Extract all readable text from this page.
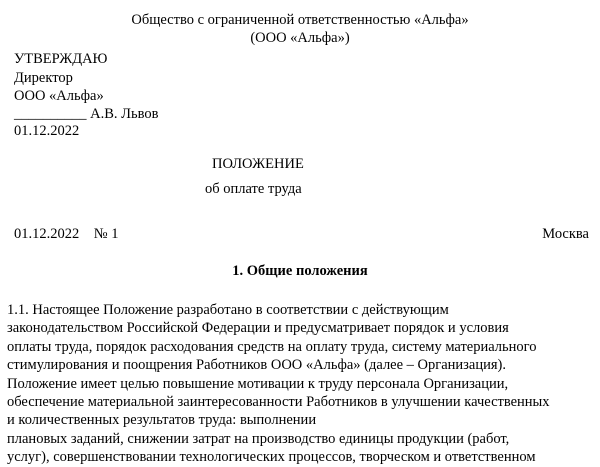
Общество с ограниченной ответственностью «Альфа»
(ООО «Альфа»)
УТВЕРЖДАЮ
Директор
ООО «Альфа»
__________ А.В. Львов
01.12.2022
ПОЛОЖЕНИЕ
об оплате труда
01.12.2022    № 1	Москва
1. Общие положения
1.1. Настоящее Положение разработано в соответствии с действующим
законодательством Российской Федерации и предусматривает порядок и условия
оплаты труда, порядок расходования средств на оплату труда, систему материального
стимулирования и поощрения Работников ООО «Альфа» (далее – Организация).
Положение имеет целью повышение мотивации к труду персонала Организации,
обеспечение материальной заинтересованности Работников в улучшении качественных
и количественных результатов труда: выполнении
плановых заданий, снижении затрат на производство единицы продукции (работ,
услуг), совершенствовании технологических процессов, творческом и ответственном
